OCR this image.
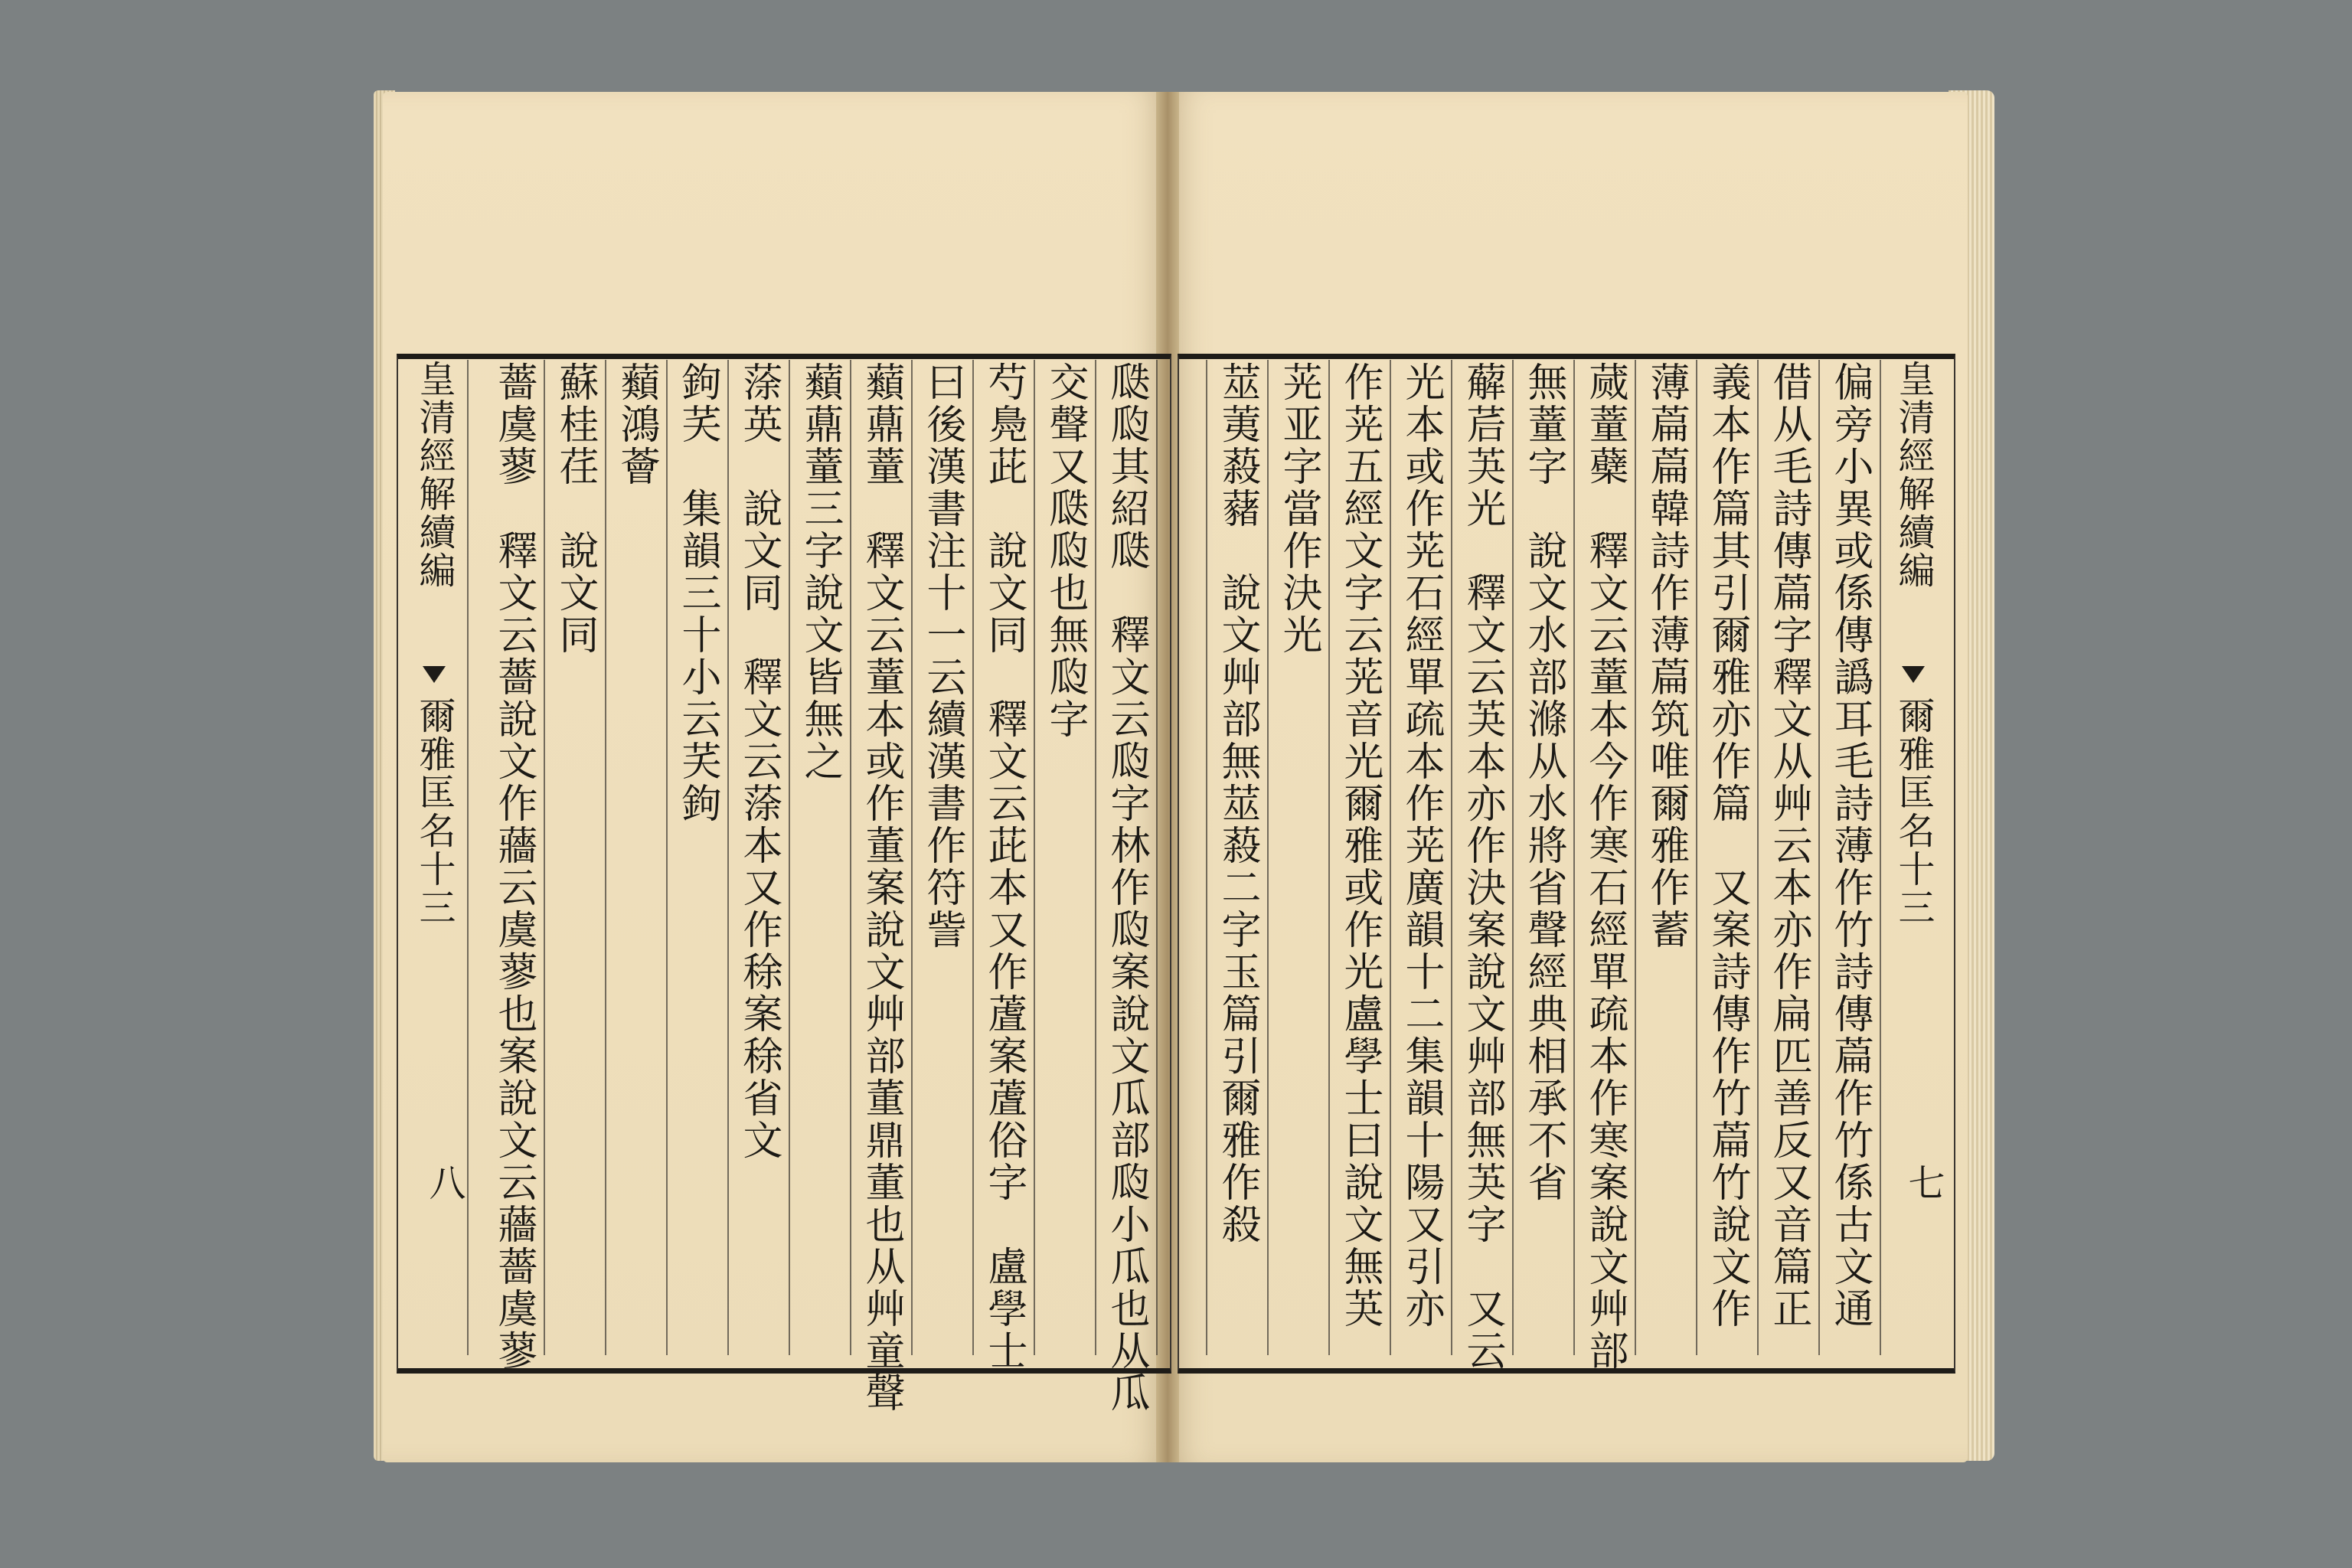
皇清經解續編
爾雅匡名十三
七
皇清經解續編
爾雅匡名十三
八	偏旁小異或係傳譌耳毛詩薄作竹詩傳萹作竹係古文通
借从毛詩傳萹字釋文从艸云本亦作扁匹善反又音篇正
義本作篇其引爾雅亦作篇　又案詩傳作竹萹竹說文作
薄萹萹韓詩作薄萹筑唯爾雅作蓄
蒇蕫蘗　釋文云蕫本今作寒石經單疏本作寒案說文艸部
無蕫字　說文水部滌从水將省聲經典相承不省
薢茩芵光　釋文云芵本亦作決案說文艸部無芵字　又云
光本或作茪石經單疏本作茪廣韻十二集韻十陽又引亦
作茪五經文字云茪音光爾雅或作光盧學士曰說文無芵
茪亚字當作決光
莁荑蔱藸　說文艸部無莁蔱二字玉篇引爾雅作殺
瓞瓝其紹瓞　釋文云瓝字林作瓝案說文瓜部瓝小瓜也从瓜
交聲又瓞瓝也無瓝字
芍鳧茈　說文同　釋文云茈本又作蔖案蔖俗字　盧學士
曰後漢書注十一云續漢書作符訾
蘱薡蕫　釋文云蕫本或作董案說文艸部董鼎董也从艸童聲
蘱薡蕫三字說文皆無之
蒤英　說文同　釋文云蒤本又作稌案稌省文
鉤芺　集韻三十小云芺鉤
蘱鴻薈
蘇桂荏　說文同
薔虞蓼　釋文云薔說文作蘠云虞蓼也案說文云蘠薔虞蓼
